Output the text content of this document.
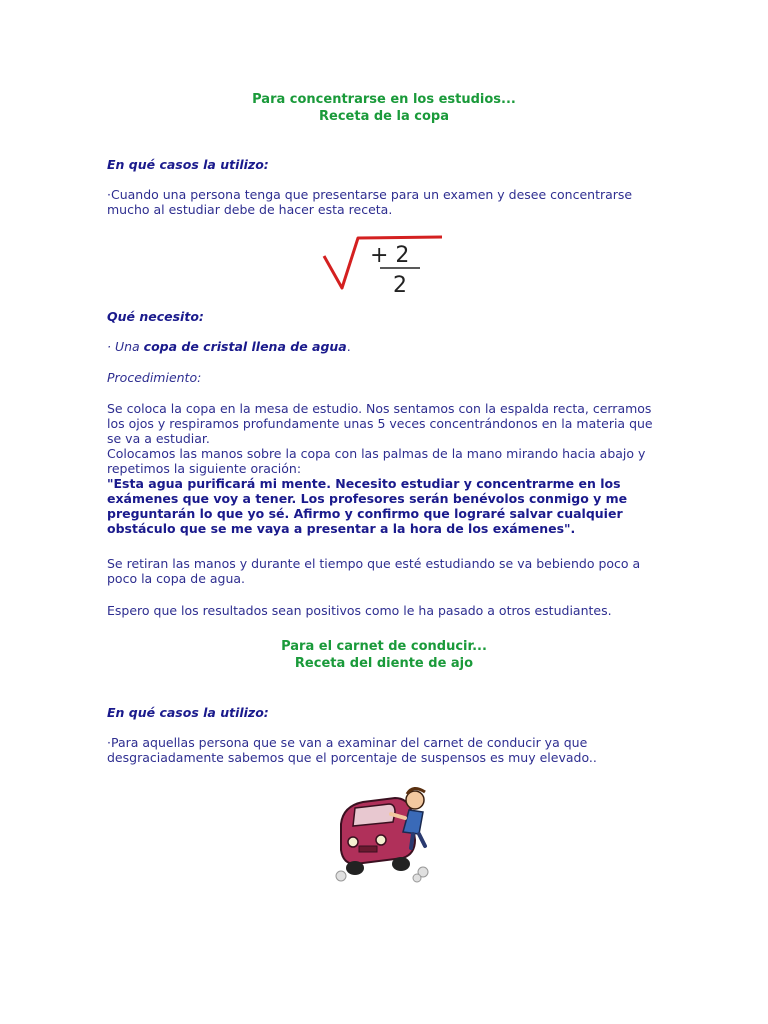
Para concentrarse en los estudios...
Receta de la copa
En qué casos la utilizo:
·Cuando una persona tenga que presentarse para un examen y desee concentrarse
mucho al estudiar debe de hacer esta receta.
+ 2
2
Qué necesito:
· Una copa de cristal llena de agua.
Procedimiento:
Se coloca la copa en la mesa de estudio. Nos sentamos con la espalda recta, cerramos
los ojos y respiramos profundamente unas 5 veces concentrándonos en la materia que
se va a estudiar.
Colocamos las manos sobre la copa con las palmas de la mano mirando hacia abajo y
repetimos la siguiente oración:
"Esta agua purificará mi mente. Necesito estudiar y concentrarme en los
exámenes que voy a tener. Los profesores serán benévolos conmigo y me
preguntarán lo que yo sé. Afirmo y confirmo que lograré salvar cualquier
obstáculo que se me vaya a presentar a la hora de los exámenes".
Se retiran las manos y durante el tiempo que esté estudiando se va bebiendo poco a
poco la copa de agua.
Espero que los resultados sean positivos como le ha pasado a otros estudiantes.
Para el carnet de conducir...
Receta del diente de ajo
En qué casos la utilizo:
·Para aquellas persona que se van a examinar del carnet de conducir ya que
desgraciadamente sabemos que el porcentaje de suspensos es muy elevado..
